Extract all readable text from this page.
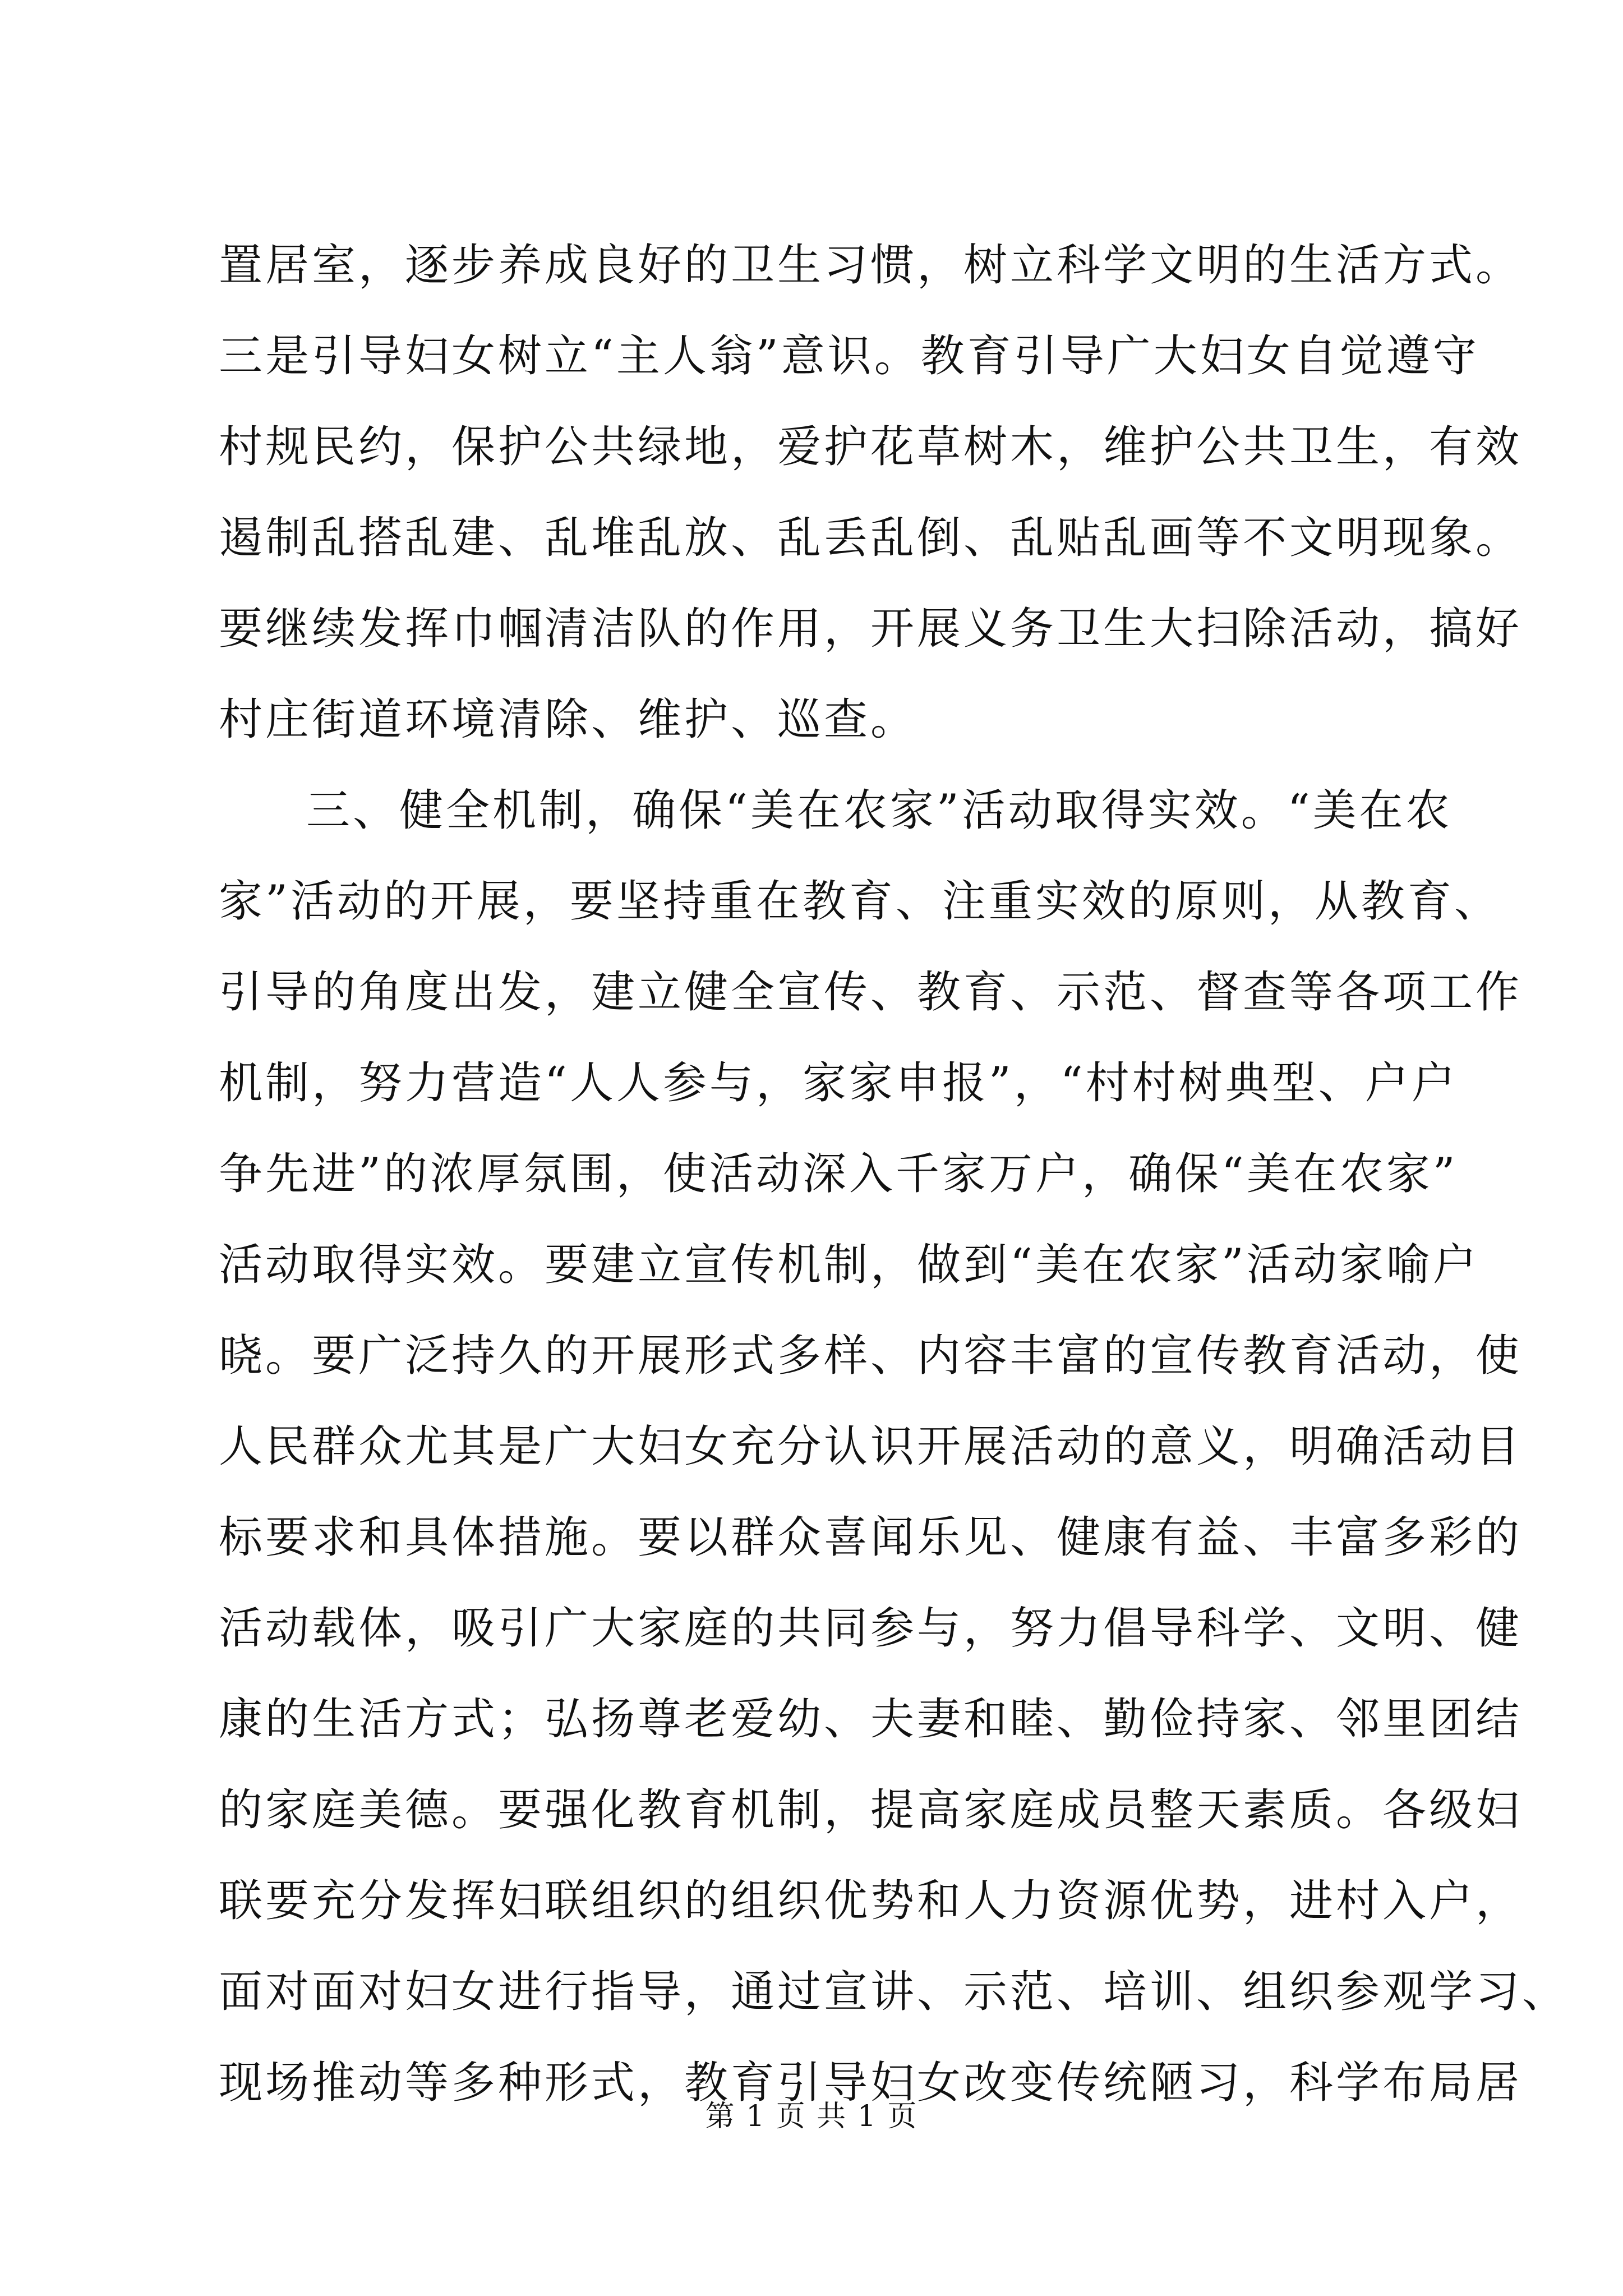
置居室，逐步养成良好的卫生习惯，树立科学文明的生活方式。
三是引导妇女树立“主人翁”意识。教育引导广大妇女自觉遵守
村规民约，保护公共绿地，爱护花草树木，维护公共卫生，有效
遏制乱搭乱建、乱堆乱放、乱丢乱倒、乱贴乱画等不文明现象。
要继续发挥巾帼清洁队的作用，开展义务卫生大扫除活动，搞好
村庄街道环境清除、维护、巡查。
三、健全机制，确保“美在农家”活动取得实效。“美在农
家”活动的开展，要坚持重在教育、注重实效的原则，从教育、
引导的角度出发，建立健全宣传、教育、示范、督查等各项工作
机制，努力营造“人人参与，家家申报”，“村村树典型、户户
争先进”的浓厚氛围，使活动深入千家万户，确保“美在农家”
活动取得实效。要建立宣传机制，做到“美在农家”活动家喻户
晓。要广泛持久的开展形式多样、内容丰富的宣传教育活动，使
人民群众尤其是广大妇女充分认识开展活动的意义，明确活动目
标要求和具体措施。要以群众喜闻乐见、健康有益、丰富多彩的
活动载体，吸引广大家庭的共同参与，努力倡导科学、文明、健
康的生活方式；弘扬尊老爱幼、夫妻和睦、勤俭持家、邻里团结
的家庭美德。要强化教育机制，提高家庭成员整天素质。各级妇
联要充分发挥妇联组织的组织优势和人力资源优势，进村入户，
面对面对妇女进行指导，通过宣讲、示范、培训、组织参观学习、
现场推动等多种形式，教育引导妇女改变传统陋习，科学布局居
第 1 页 共 1 页
